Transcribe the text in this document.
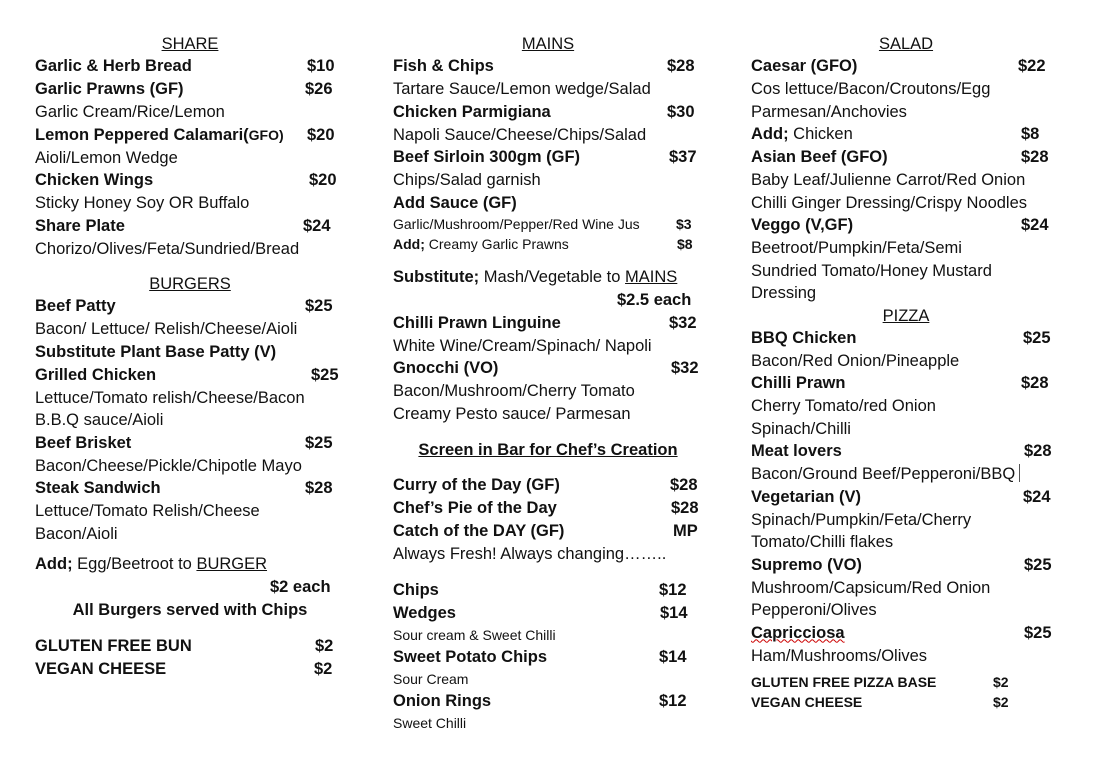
SHARE
Garlic & Herb Bread	$10
Garlic Prawns (GF)	$26
Garlic Cream/Rice/Lemon
Lemon Peppered Calamari(GFO) $20
Aioli/Lemon Wedge
Chicken Wings	$20
Sticky Honey Soy OR Buffalo
Share Plate	$24
Chorizo/Olives/Feta/Sundried/Bread
BURGERS
Beef Patty	$25
Bacon/ Lettuce/ Relish/Cheese/Aioli
Substitute Plant Base Patty (V)
Grilled Chicken	$25
Lettuce/Tomato relish/Cheese/Bacon B.B.Q sauce/Aioli
Beef Brisket	$25
Bacon/Cheese/Pickle/Chipotle Mayo
Steak Sandwich	$28
Lettuce/Tomato Relish/Cheese Bacon/Aioli
Add; Egg/Beetroot to BURGER
$2 each
All Burgers served with Chips
GLUTEN FREE BUN	$2
VEGAN CHEESE	$2
MAINS
Fish & Chips	$28
Tartare Sauce/Lemon wedge/Salad
Chicken Parmigiana	$30
Napoli Sauce/Cheese/Chips/Salad
Beef Sirloin 300gm (GF)	$37
Chips/Salad garnish
Add Sauce (GF)
Garlic/Mushroom/Pepper/Red Wine Jus	$3
Add; Creamy Garlic Prawns	$8
Substitute; Mash/Vegetable to MAINS
$2.5 each
Chilli Prawn Linguine	$32
White Wine/Cream/Spinach/ Napoli
Gnocchi (VO)	$32
Bacon/Mushroom/Cherry Tomato Creamy Pesto sauce/ Parmesan
Screen in Bar for Chef’s Creation
Curry of the Day (GF)	$28
Chef’s Pie of the Day	$28
Catch of the DAY (GF)	MP
Always Fresh! Always changing……..
Chips	$12
Wedges	$14
Sour cream & Sweet Chilli
Sweet Potato Chips	$14
Sour Cream
Onion Rings	$12
Sweet Chilli
SALAD
Caesar (GFO)	$22
Cos lettuce/Bacon/Croutons/Egg Parmesan/Anchovies
Add; Chicken	$8
Asian Beef (GFO)	$28
Baby Leaf/Julienne Carrot/Red Onion Chilli Ginger Dressing/Crispy Noodles
Veggo (V,GF)	$24
Beetroot/Pumpkin/Feta/Semi Sundried Tomato/Honey Mustard Dressing
PIZZA
BBQ Chicken	$25
Bacon/Red Onion/Pineapple
Chilli Prawn	$28
Cherry Tomato/red Onion Spinach/Chilli
Meat lovers	$28
Bacon/Ground Beef/Pepperoni/BBQ
Vegetarian (V)	$24
Spinach/Pumpkin/Feta/Cherry Tomato/Chilli flakes
Supremo (VO)	$25
Mushroom/Capsicum/Red Onion Pepperoni/Olives
Capricciosa	$25
Ham/Mushrooms/Olives
GLUTEN FREE PIZZA BASE	$2
VEGAN CHEESE	$2
